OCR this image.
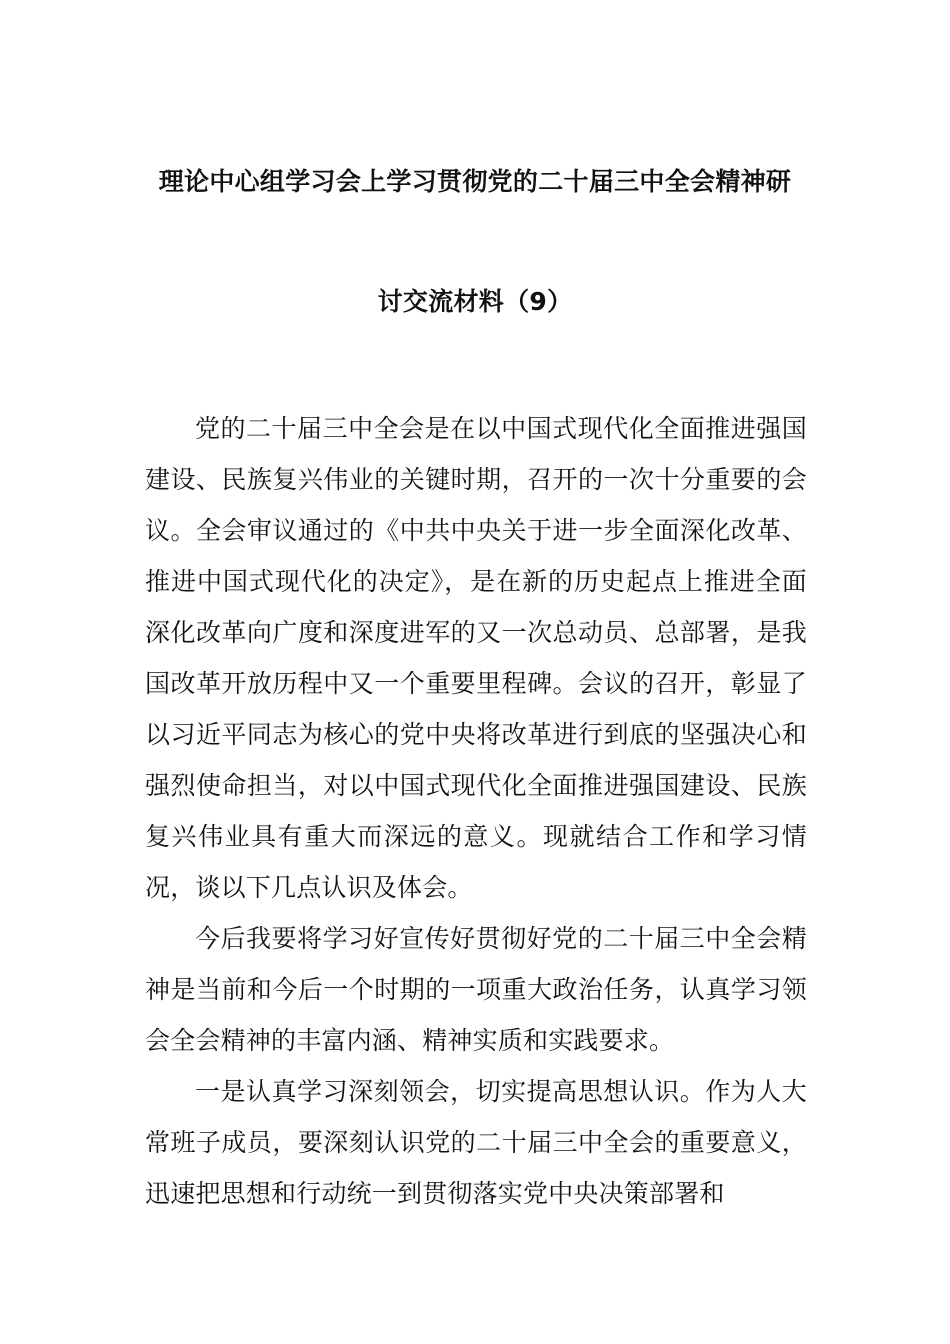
理论中心组学习会上学习贯彻党的二十届三中全会精神研
讨交流材料（9）

党的二十届三中全会是在以中国式现代化全面推进强国建设、民族复兴伟业的关键时期，召开的一次十分重要的会议。全会审议通过的《中共中央关于进一步全面深化改革、推进中国式现代化的决定》，是在新的历史起点上推进全面深化改革向广度和深度进军的又一次总动员、总部署，是我国改革开放历程中又一个重要里程碑。会议的召开，彰显了以习近平同志为核心的党中央将改革进行到底的坚强决心和强烈使命担当，对以中国式现代化全面推进强国建设、民族复兴伟业具有重大而深远的意义。现就结合工作和学习情况，谈以下几点认识及体会。

今后我要将学习好宣传好贯彻好党的二十届三中全会精神是当前和今后一个时期的一项重大政治任务，认真学习领会全会精神的丰富内涵、精神实质和实践要求。

一是认真学习深刻领会，切实提高思想认识。作为人大常班子成员，要深刻认识党的二十届三中全会的重要意义，迅速把思想和行动统一到贯彻落实党中央决策部署和
